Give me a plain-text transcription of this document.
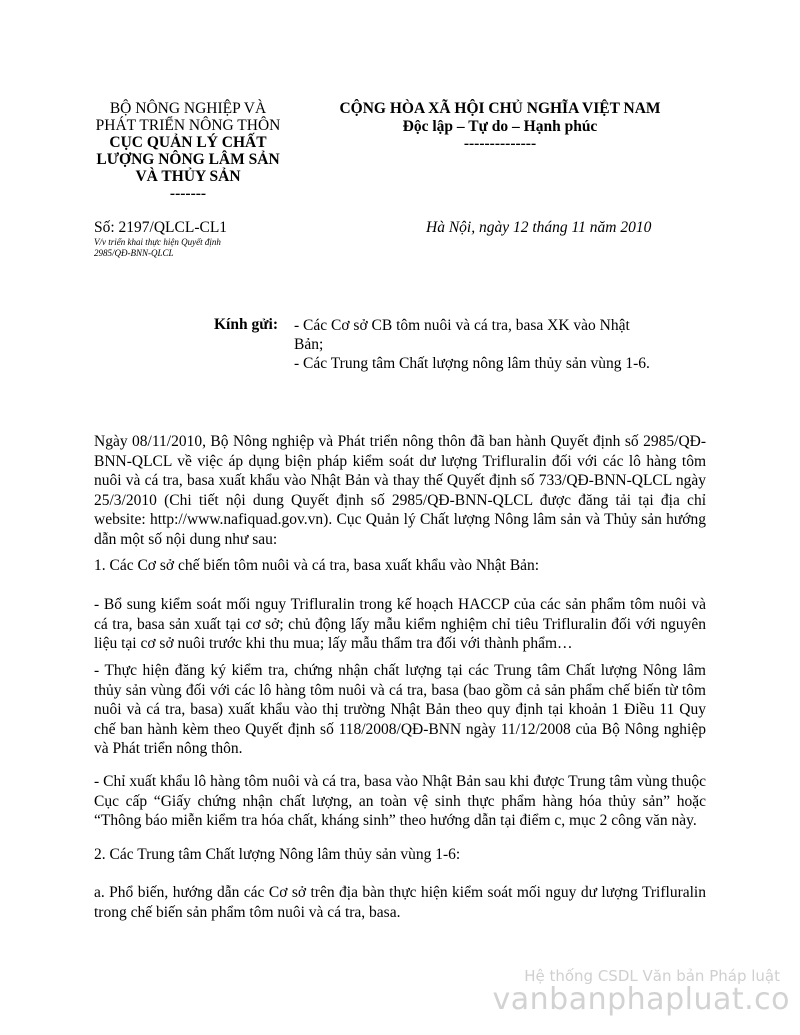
BỘ NÔNG NGHIỆP VÀ
PHÁT TRIỂN NÔNG THÔN
CỤC QUẢN LÝ CHẤT
LƯỢNG NÔNG LÂM SẢN
VÀ THỦY SẢN
-------
CỘNG HÒA XÃ HỘI CHỦ NGHĨA VIỆT NAM
Độc lập – Tự do – Hạnh phúc
--------------
Số: 2197/QLCL-CL1
V/v triển khai thực hiện Quyết định
2985/QĐ-BNN-QLCL
Hà Nội, ngày 12 tháng 11 năm 2010
Kính gửi: - Các Cơ sở CB tôm nuôi và cá tra, basa XK vào Nhật Bản;
- Các Trung tâm Chất lượng nông lâm thủy sản vùng 1-6.
Ngày 08/11/2010, Bộ Nông nghiệp và Phát triển nông thôn đã ban hành Quyết định số 2985/QĐ-BNN-QLCL về việc áp dụng biện pháp kiểm soát dư lượng Trifluralin đối với các lô hàng tôm nuôi và cá tra, basa xuất khẩu vào Nhật Bản và thay thế Quyết định số 733/QĐ-BNN-QLCL ngày 25/3/2010 (Chi tiết nội dung Quyết định số 2985/QĐ-BNN-QLCL được đăng tải tại địa chỉ website: http://www.nafiquad.gov.vn). Cục Quản lý Chất lượng Nông lâm sản và Thủy sản hướng dẫn một số nội dung như sau:
1. Các Cơ sở chế biến tôm nuôi và cá tra, basa xuất khẩu vào Nhật Bản:
- Bổ sung kiểm soát mối nguy Trifluralin trong kế hoạch HACCP của các sản phẩm tôm nuôi và cá tra, basa sản xuất tại cơ sở; chủ động lấy mẫu kiểm nghiệm chỉ tiêu Trifluralin đối với nguyên liệu tại cơ sở nuôi trước khi thu mua; lấy mẫu thẩm tra đối với thành phẩm…
- Thực hiện đăng ký kiểm tra, chứng nhận chất lượng tại các Trung tâm Chất lượng Nông lâm thủy sản vùng đối với các lô hàng tôm nuôi và cá tra, basa (bao gồm cả sản phẩm chế biến từ tôm nuôi và cá tra, basa) xuất khẩu vào thị trường Nhật Bản theo quy định tại khoản 1 Điều 11 Quy chế ban hành kèm theo Quyết định số 118/2008/QĐ-BNN ngày 11/12/2008 của Bộ Nông nghiệp và Phát triển nông thôn.
- Chỉ xuất khẩu lô hàng tôm nuôi và cá tra, basa vào Nhật Bản sau khi được Trung tâm vùng thuộc Cục cấp “Giấy chứng nhận chất lượng, an toàn vệ sinh thực phẩm hàng hóa thủy sản” hoặc “Thông báo miễn kiểm tra hóa chất, kháng sinh” theo hướng dẫn tại điểm c, mục 2 công văn này.
2. Các Trung tâm Chất lượng Nông lâm thủy sản vùng 1-6:
a. Phổ biến, hướng dẫn các Cơ sở trên địa bàn thực hiện kiểm soát mối nguy dư lượng Trifluralin trong chế biến sản phẩm tôm nuôi và cá tra, basa.
Hệ thống CSDL Văn bản Pháp luật
vanbanphapluat.co
